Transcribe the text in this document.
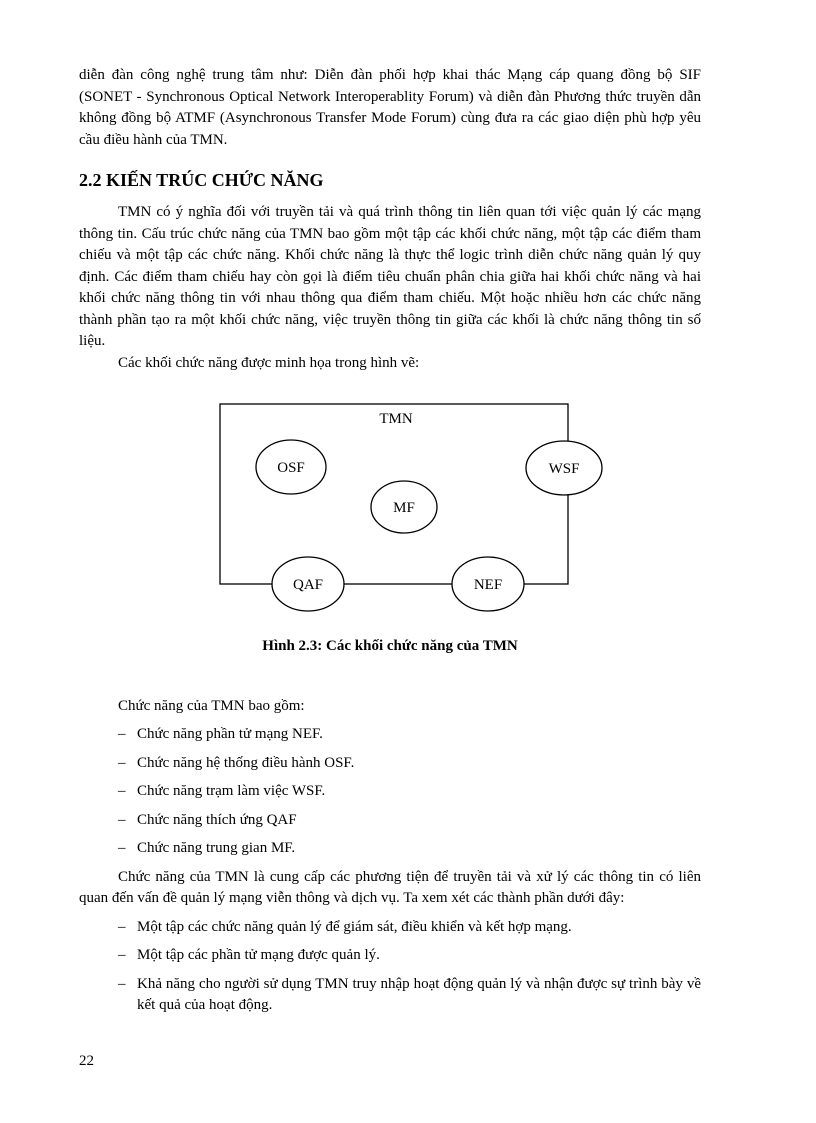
diễn đàn công nghệ trung tâm như: Diễn đàn phối hợp khai thác Mạng cáp quang đồng bộ SIF (SONET - Synchronous Optical Network Interoperablity Forum) và diễn đàn Phương thức truyền dẫn không đồng bộ ATMF (Asynchronous Transfer Mode Forum) cùng đưa ra các giao diện phù hợp yêu cầu điều hành của TMN.

2.2 KIẾN TRÚC CHỨC NĂNG

TMN có ý nghĩa đối với truyền tải và quá trình thông tin liên quan tới việc quản lý các mạng thông tin. Cấu trúc chức năng của TMN bao gồm một tập các khối chức năng, một tập các điểm tham chiếu và một tập các chức năng. Khối chức năng là thực thể logic trình diễn chức năng quản lý quy định. Các điểm tham chiếu hay còn gọi là điểm tiêu chuẩn phân chia giữa hai khối chức năng và hai khối chức năng thông tin với nhau thông qua điểm tham chiếu. Một hoặc nhiều hơn các chức năng thành phần tạo ra một khối chức năng, việc truyền thông tin giữa các khối là chức năng thông tin số liệu.

Các khối chức năng được minh họa trong hình vẽ:

TMN
OSF
MF
WSF
QAF	NEF

Hình 2.3: Các khối chức năng của TMN

Chức năng của TMN bao gồm:

– Chức năng phần tử mạng NEF.
– Chức năng hệ thống điều hành OSF.
– Chức năng trạm làm việc WSF.
– Chức năng thích ứng QAF
– Chức năng trung gian MF.

Chức năng của TMN là cung cấp các phương tiện để truyền tải và xử lý các thông tin có liên quan đến vấn đề quản lý mạng viễn thông và dịch vụ. Ta xem xét các thành phần dưới đây:

– Một tập các chức năng quản lý để giám sát, điều khiển và kết hợp mạng.
– Một tập các phần tử mạng được quản lý.
– Khả năng cho người sử dụng TMN truy nhập hoạt động quản lý và nhận được sự trình bày về kết quả của hoạt động.
22
